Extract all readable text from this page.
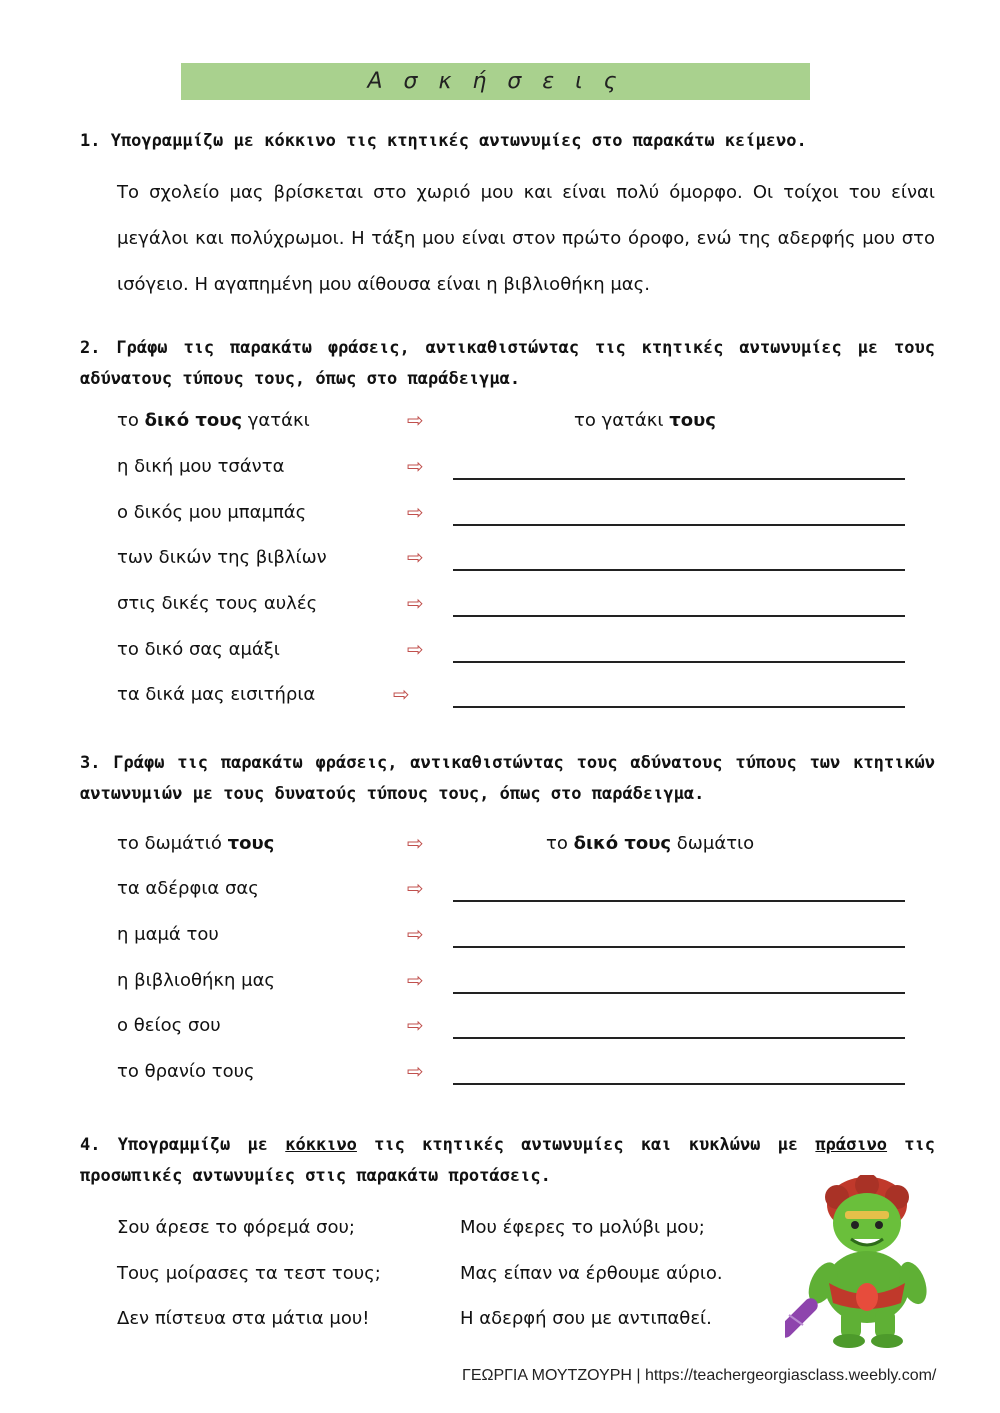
Α σ κ ή σ ε ι ς
1. Υπογραμμίζω με κόκκινο τις κτητικές αντωνυμίες στο παρακάτω κείμενο.
Το σχολείο μας βρίσκεται στο χωριό μου και είναι πολύ όμορφο. Οι τοίχοι του είναι μεγάλοι και πολύχρωμοι. Η τάξη μου είναι στον πρώτο όροφο, ενώ της αδερφής μου στο ισόγειο. Η αγαπημένη μου αίθουσα είναι η βιβλιοθήκη μας.
2. Γράφω τις παρακάτω φράσεις, αντικαθιστώντας τις κτητικές αντωνυμίες με τους αδύνατους τύπους τους, όπως στο παράδειγμα.
το δικό τους γατάκι	⇨	το γατάκι τους
η δική μου τσάντα	⇨
ο δικός μου μπαμπάς	⇨
των δικών της βιβλίων	⇨
στις δικές τους αυλές	⇨
το δικό σας αμάξι	⇨
τα δικά μας εισιτήρια	⇨
3. Γράφω τις παρακάτω φράσεις, αντικαθιστώντας τους αδύνατους τύπους των κτητικών αντωνυμιών με τους δυνατούς τύπους τους, όπως στο παράδειγμα.
το δωμάτιό τους	⇨	το δικό τους δωμάτιο
τα αδέρφια σας	⇨
η μαμά του	⇨
η βιβλιοθήκη μας	⇨
ο θείος σου	⇨
το θρανίο τους	⇨
4. Υπογραμμίζω με κόκκινο τις κτητικές αντωνυμίες και κυκλώνω με πράσινο τις προσωπικές αντωνυμίες στις παρακάτω προτάσεις.
Σου άρεσε το φόρεμά σου;
Τους μοίρασες τα τεστ τους;
Δεν πίστευα στα μάτια μου!
Μου έφερες το μολύβι μου;
Μας είπαν να έρθουμε αύριο.
Η αδερφή σου με αντιπαθεί.
ΓΕΩΡΓΙΑ ΜΟΥΤΖΟΥΡΗ | https://teachergeorgiasclass.weebly.com/
